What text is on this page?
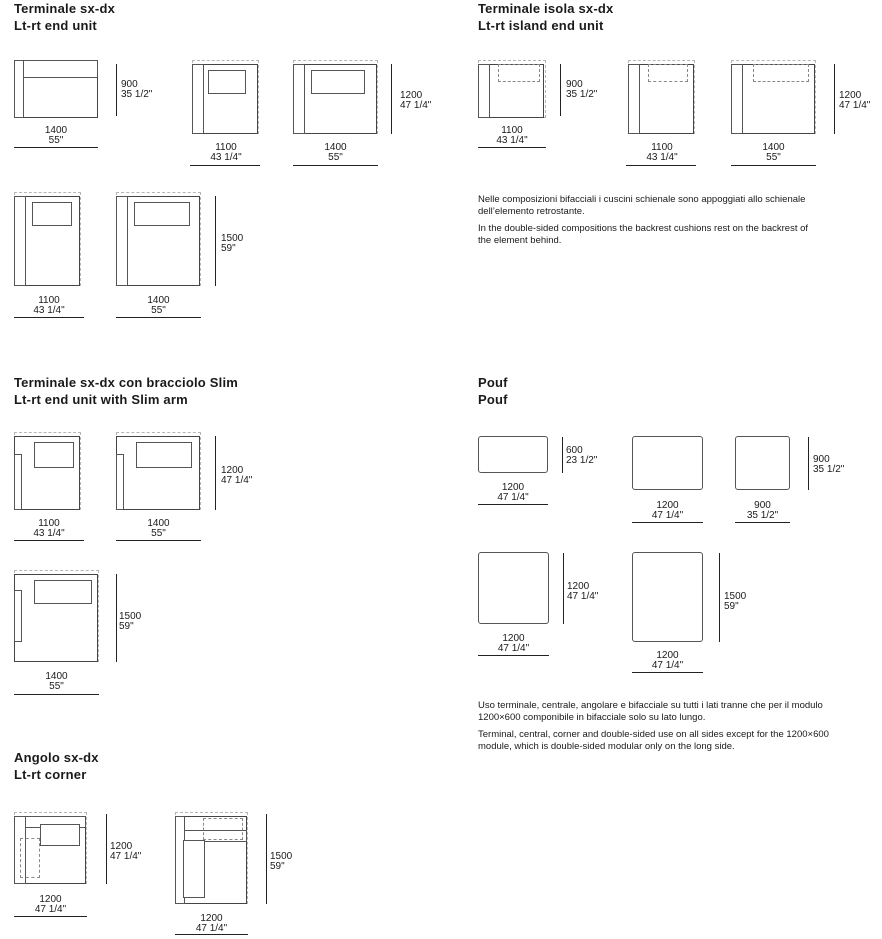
Terminale sx-dx
Lt-rt end unit
Terminale isola sx-dx
Lt-rt island end unit
Terminale sx-dx con bracciolo Slim
Lt-rt end unit with Slim arm
Pouf
Pouf
Angolo sx-dx
Lt-rt corner

Nelle composizioni bifacciali i cuscini schienale sono appoggiati allo schienale dell’elemento retrostante.

In the double-sided compositions the backrest cushions rest on the backrest of the element behind.

Uso terminale, centrale, angolare e bifacciale su tutti i lati tranne che per il modulo 1200×600 componibile in bifacciale solo su lato lungo.

Terminal, central, corner and double-sided use on all sides except for the 1200×600 module, which is double-sided modular only on the long side.

900
35 1/2"
1400
55"
1100
43 1/4"
1200
47 1/4"
1400
55"
1100
43 1/4"
1500
59"
1400
55"
900
35 1/2"
1100
43 1/4"
1100
43 1/4"
1200
47 1/4"
1400
55"
1100
43 1/4"
1200
47 1/4"
1400
55"
1500
59"
1400
55"
600
23 1/2"
1200
47 1/4"
1200
47 1/4"
900
35 1/2"
900
35 1/2"
1200
47 1/4"
1200
47 1/4"
1500
59"
1200
47 1/4"
1200
47 1/4"
1200
47 1/4"
1500
59"
1200
47 1/4"
